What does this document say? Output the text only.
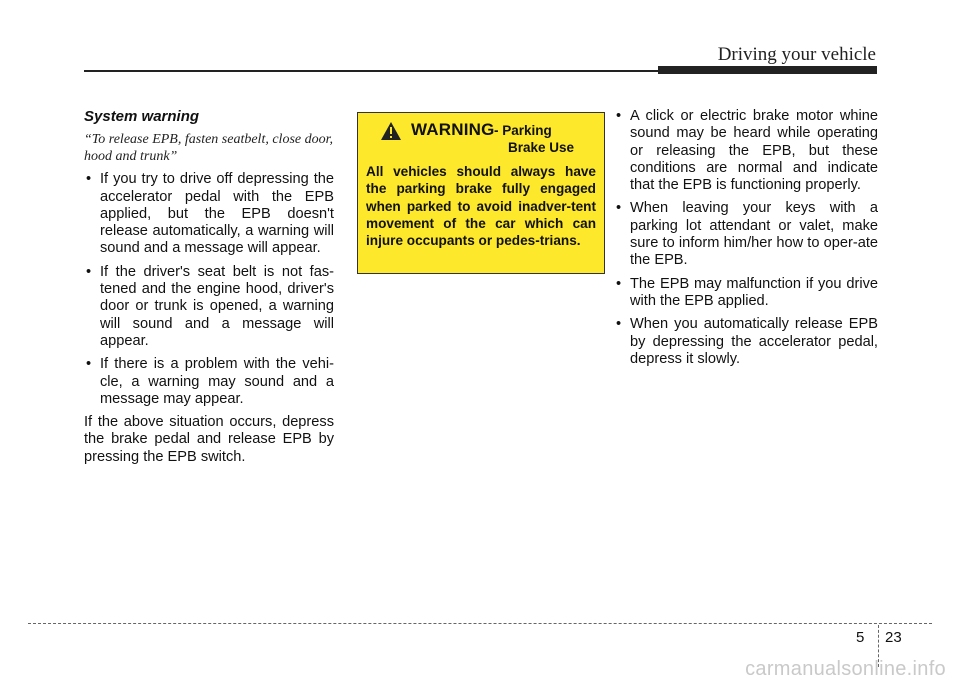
Driving your vehicle

System warning

“To release EPB, fasten seatbelt, close door, hood and trunk”

• If you try to drive off depressing the accelerator pedal with the EPB applied, but the EPB doesn't release automatically, a warning will sound and a message will appear.
• If the driver's seat belt is not fas-tened and the engine hood, driver's door or trunk is opened, a warning will sound and a message will appear.
• If there is a problem with the vehi-cle, a warning may sound and a message may appear.

If the above situation occurs, depress the brake pedal and release EPB by pressing the EPB switch.

WARNING - Parking
Brake Use

All vehicles should always have the parking brake fully engaged when parked to avoid inadver-tent movement of the car which can injure occupants or pedes-trians.

• A click or electric brake motor whine sound may be heard while operating or releasing the EPB, but these conditions are normal and indicate that the EPB is functioning properly.
• When leaving your keys with a parking lot attendant or valet, make sure to inform him/her how to oper-ate the EPB.
• The EPB may malfunction if you drive with the EPB applied.
• When you automatically release EPB by depressing the accelerator pedal, depress it slowly.
5 23
carmanualsonline.info
